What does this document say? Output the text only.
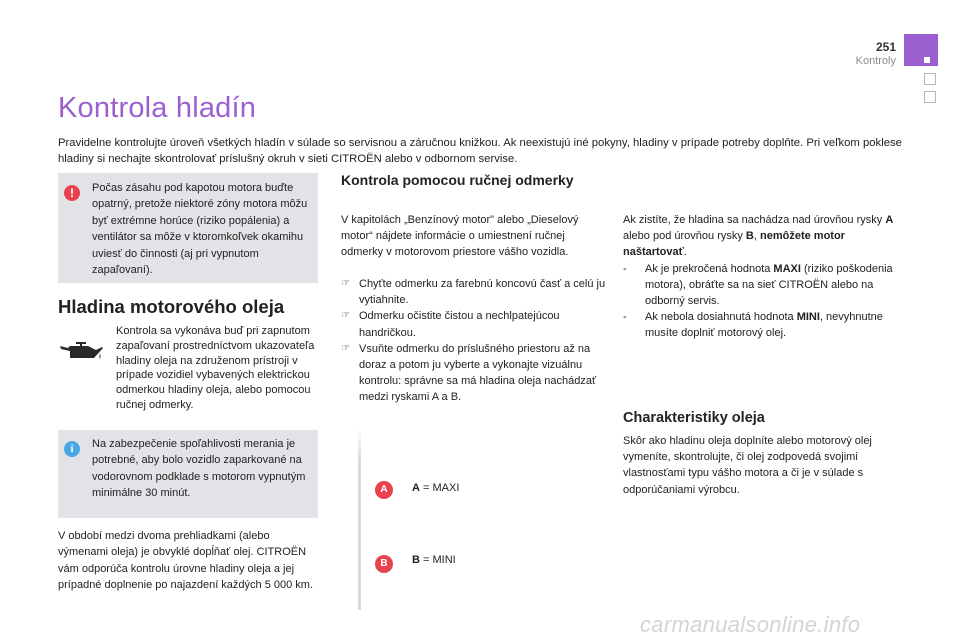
251
Kontroly
Kontrola hladín

Pravidelne kontrolujte úroveň všetkých hladín v súlade so servisnou a záručnou knižkou. Ak neexistujú iné pokyny, hladiny v prípade potreby doplňte. Pri veľkom poklese hladiny si nechajte skontrolovať príslušný okruh v sieti CITROËN alebo v odbornom servise.

!	Počas zásahu pod kapotou motora buďte opatrný, pretože niektoré zóny motora môžu byť extrémne horúce (riziko popálenia) a ventilátor sa môže v ktoromkoľvek okamihu uviesť do činnosti (aj pri vypnutom zapaľovaní).

Hladina motorového oleja

Kontrola sa vykonáva buď pri zapnutom zapaľovaní prostredníctvom ukazovateľa hladiny oleja na združenom prístroji v prípade vozidiel vybavených elektrickou odmerkou hladiny oleja, alebo pomocou ručnej odmerky.

i	Na zabezpečenie spoľahlivosti merania je potrebné, aby bolo vozidlo zaparkované na vodorovnom podklade s motorom vypnutým minimálne 30 minút.

V období medzi dvoma prehliadkami (alebo výmenami oleja) je obvyklé dopĺňať olej. CITROËN vám odporúča kontrolu úrovne hladiny oleja a jej prípadné doplnenie po najazdení každých 5 000 km.

Kontrola pomocou ručnej odmerky

V kapitolách „Benzínový motor" alebo „Dieselový motor“ nájdete informácie o umiestnení ručnej odmerky v motorovom priestore vášho vozidla.

☞ Chyťte odmerku za farebnú koncovú časť a celú ju vytiahnite.
☞ Odmerku očistite čistou a nechlpatejúcou handričkou.
☞ Vsuňte odmerku do príslušného priestoru až na doraz a potom ju vyberte a vykonajte vizuálnu kontrolu: správne sa má hladina oleja nachádzať medzi ryskami A a B.
A
B
A = MAXI
B = MINI

Ak zistíte, že hladina sa nachádza nad úrovňou rysky A alebo pod úrovňou rysky B, nemôžete motor naštartovať.

- Ak je prekročená hodnota MAXI (riziko poškodenia motora), obráťte sa na sieť CITROËN alebo na odborný servis.
- Ak nebola dosiahnutá hodnota MINI, nevyhnutne musíte doplniť motorový olej.
Charakteristiky oleja

Skôr ako hladinu oleja doplníte alebo motorový olej vymeníte, skontrolujte, či olej zodpovedá svojimi vlastnosťami typu vášho motora a či je v súlade s odporúčaniami výrobcu.

carmanualsonline.info
